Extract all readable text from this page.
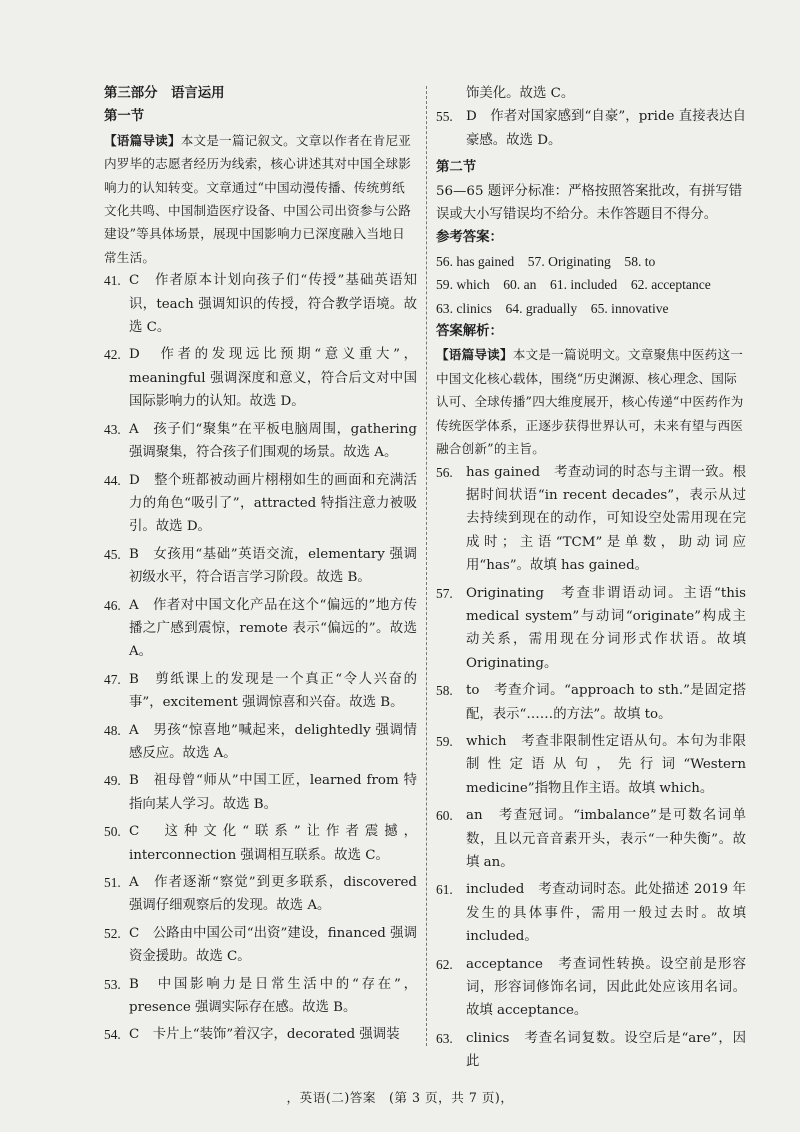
第三部分　语言运用
第一节

【语篇导读】本文是一篇记叙文。文章以作者在肯尼亚内罗毕的志愿者经历为线索，核心讲述其对中国全球影响力的认知转变。文章通过“中国动漫传播、传统剪纸文化共鸣、中国制造医疗设备、中国公司出资参与公路建设”等具体场景，展现中国影响力已深度融入当地日常生活。

41. C　作者原本计划向孩子们“传授”基础英语知识，teach 强调知识的传授，符合教学语境。故选 C。
42. D　作者的发现远比预期“意义重大”，meaningful 强调深度和意义，符合后文对中国国际影响力的认知。故选 D。
43. A　孩子们“聚集”在平板电脑周围，gathering 强调聚集，符合孩子们围观的场景。故选 A。
44. D　整个班都被动画片栩栩如生的画面和充满活力的角色“吸引了”，attracted 特指注意力被吸引。故选 D。
45. B　女孩用“基础”英语交流，elementary 强调初级水平，符合语言学习阶段。故选 B。
46. A　作者对中国文化产品在这个“偏远的”地方传播之广感到震惊，remote 表示“偏远的”。故选 A。
47. B　剪纸课上的发现是一个真正“令人兴奋的事”，excitement 强调惊喜和兴奋。故选 B。
48. A　男孩“惊喜地”喊起来，delightedly 强调情感反应。故选 A。
49. B　祖母曾“师从”中国工匠，learned from 特指向某人学习。故选 B。
50. C　这种文化“联系”让作者震撼，interconnection 强调相互联系。故选 C。
51. A　作者逐渐“察觉”到更多联系，discovered 强调仔细观察后的发现。故选 A。
52. C　公路由中国公司“出资”建设，financed 强调资金援助。故选 C。
53. B　中国影响力是日常生活中的“存在”，presence 强调实际存在感。故选 B。
54. C　卡片上“装饰”着汉字，decorated 强调装
饰美化。故选 C。
55. D　作者对国家感到“自豪”，pride 直接表达自豪感。故选 D。
第二节

56—65 题评分标准：严格按照答案批改，有拼写错误或大小写错误均不给分。未作答题目不得分。

参考答案：
56. has gained　57. Originating　58. to
59. which　60. an　61. included　62. acceptance
63. clinics　64. gradually　65. innovative
答案解析：

【语篇导读】本文是一篇说明文。文章聚焦中医药这一中国文化核心载体，围绕“历史渊源、核心理念、国际认可、全球传播”四大维度展开，核心传递“中医药作为传统医学体系，正逐步获得世界认可，未来有望与西医融合创新”的主旨。

56. has gained　考查动词的时态与主谓一致。根据时间状语“in recent decades”，表示从过去持续到现在的动作，可知设空处需用现在完成时；主语“TCM”是单数，助动词应用“has”。故填 has gained。
57. Originating　考查非谓语动词。主语“this medical system”与动词“originate”构成主动关系，需用现在分词形式作状语。故填 Originating。
58. to　考查介词。“approach to sth.”是固定搭配，表示“……的方法”。故填 to。
59. which　考查非限制性定语从句。本句为非限制性定语从句，先行词“Western medicine”指物且作主语。故填 which。
60. an　考查冠词。“imbalance”是可数名词单数，且以元音音素开头，表示“一种失衡”。故填 an。
61. included　考查动词时态。此处描述 2019 年发生的具体事件，需用一般过去时。故填 included。
62. acceptance　考查词性转换。设空前是形容词，形容词修饰名词，因此此处应该用名词。故填 acceptance。
63. clinics　考查名词复数。设空后是“are”，因此
，英语(二)答案　(第 3 页，共 7 页)，
